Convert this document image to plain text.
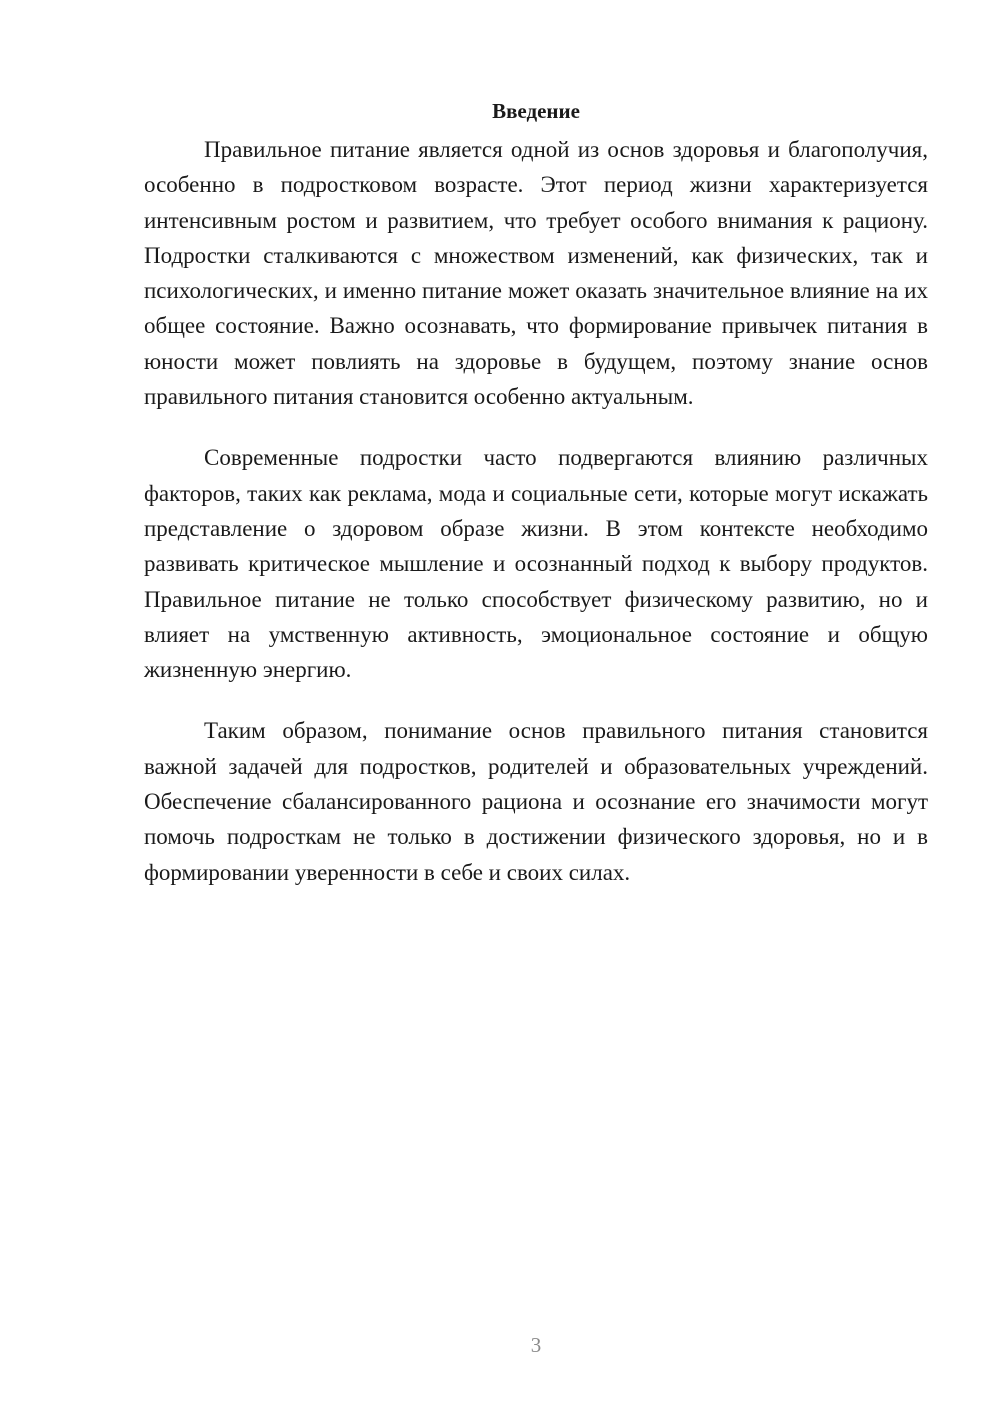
Введение

Правильное питание является одной из основ здоровья и благополучия, особенно в подростковом возрасте. Этот период жизни характеризуется интенсивным ростом и развитием, что требует особого внимания к рациону. Подростки сталкиваются с множеством изменений, как физических, так и психологических, и именно питание может оказать значительное влияние на их общее состояние. Важно осознавать, что формирование привычек питания в юности может повлиять на здоровье в будущем, поэтому знание основ правильного питания становится особенно актуальным.

Современные подростки часто подвергаются влиянию различных факторов, таких как реклама, мода и социальные сети, которые могут искажать представление о здоровом образе жизни. В этом контексте необходимо развивать критическое мышление и осознанный подход к выбору продуктов. Правильное питание не только способствует физическому развитию, но и влияет на умственную активность, эмоциональное состояние и общую жизненную энергию.

Таким образом, понимание основ правильного питания становится важной задачей для подростков, родителей и образовательных учреждений. Обеспечение сбалансированного рациона и осознание его значимости могут помочь подросткам не только в достижении физического здоровья, но и в формировании уверенности в себе и своих силах.

3
